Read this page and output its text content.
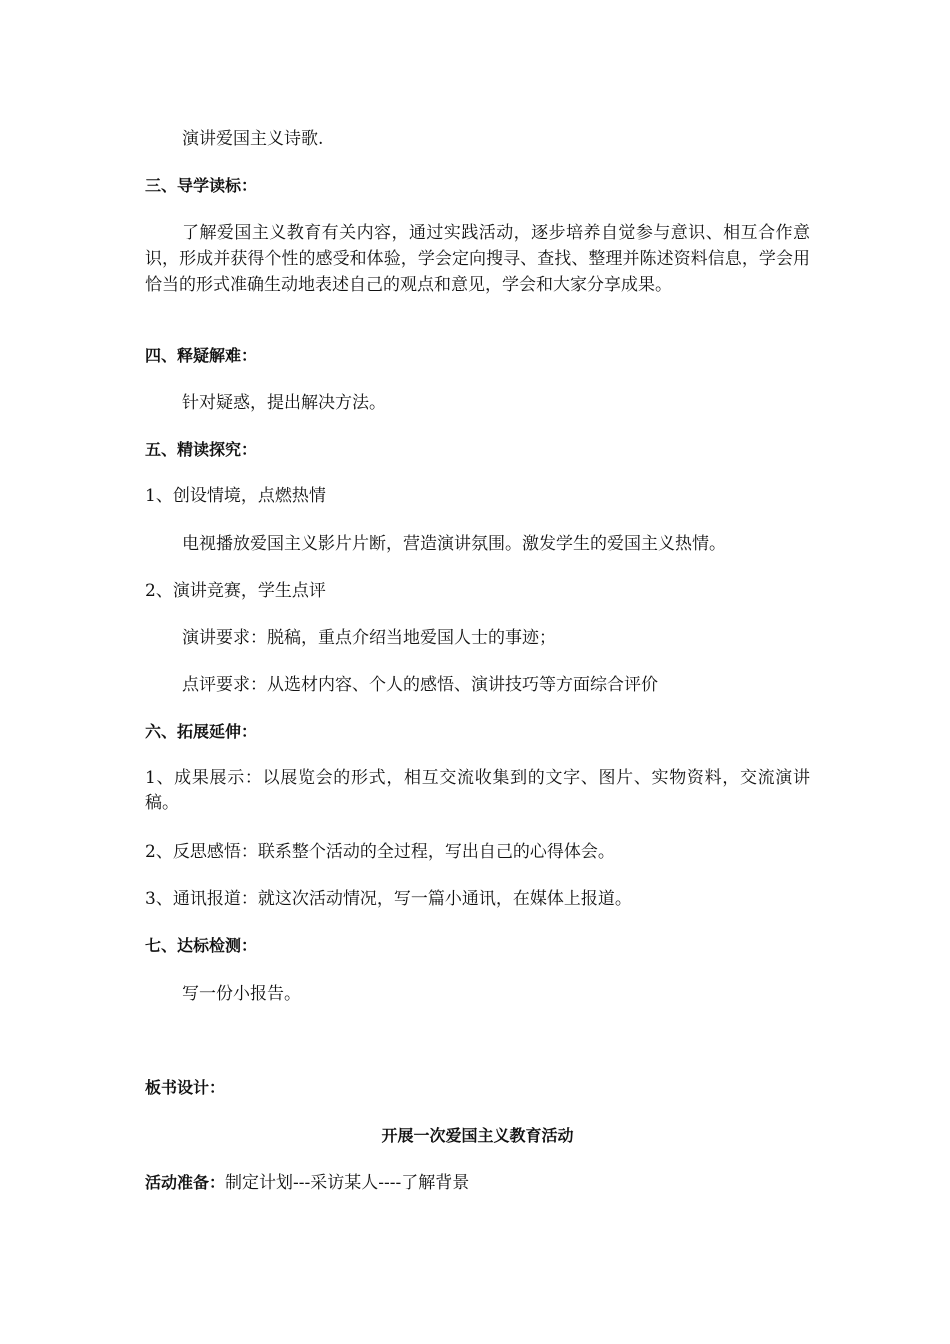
演讲爱国主义诗歌.
三、导学读标：
了解爱国主义教育有关内容，通过实践活动，逐步培养自觉参与意识、相互合作意识，形成并获得个性的感受和体验，学会定向搜寻、查找、整理并陈述资料信息，学会用恰当的形式准确生动地表述自己的观点和意见，学会和大家分享成果。
四、释疑解难：
针对疑惑，提出解决方法。
五、精读探究：
1、创设情境，点燃热情
电视播放爱国主义影片片断，营造演讲氛围。激发学生的爱国主义热情。
2、演讲竞赛，学生点评
演讲要求：脱稿，重点介绍当地爱国人士的事迹；
点评要求：从选材内容、个人的感悟、演讲技巧等方面综合评价
六、拓展延伸：
1、成果展示：以展览会的形式，相互交流收集到的文字、图片、实物资料，交流演讲稿。
2、反思感悟：联系整个活动的全过程，写出自己的心得体会。
3、通讯报道：就这次活动情况，写一篇小通讯，在媒体上报道。
七、达标检测：
写一份小报告。
板书设计：
开展一次爱国主义教育活动
活动准备：制定计划---采访某人----了解背景
